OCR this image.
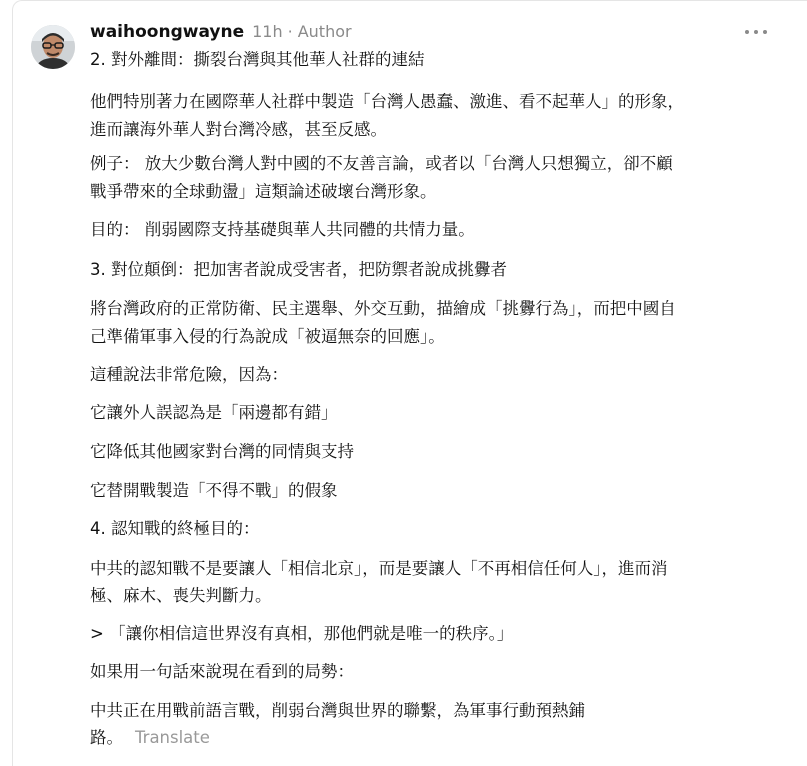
waihoongwayne 11h · Author

2. 對外離間：撕裂台灣與其他華人社群的連結

他們特別著力在國際華人社群中製造「台灣人愚蠢、激進、看不起華人」的形象，

進而讓海外華人對台灣冷感，甚至反感。

例子： 放大少數台灣人對中國的不友善言論，或者以「台灣人只想獨立，卻不顧

戰爭帶來的全球動盪」這類論述破壞台灣形象。

目的： 削弱國際支持基礎與華人共同體的共情力量。

3. 對位顛倒：把加害者說成受害者，把防禦者說成挑釁者

將台灣政府的正常防衛、民主選舉、外交互動，描繪成「挑釁行為」，而把中國自

己準備軍事入侵的行為說成「被逼無奈的回應」。

這種說法非常危險，因為：

它讓外人誤認為是「兩邊都有錯」

它降低其他國家對台灣的同情與支持

它替開戰製造「不得不戰」的假象

4. 認知戰的終極目的：

中共的認知戰不是要讓人「相信北京」，而是要讓人「不再相信任何人」，進而消

極、麻木、喪失判斷力。

> 「讓你相信這世界沒有真相，那他們就是唯一的秩序。」

如果用一句話來說現在看到的局勢：

中共正在用戰前語言戰，削弱台灣與世界的聯繫，為軍事行動預熱鋪

路。 Translate
